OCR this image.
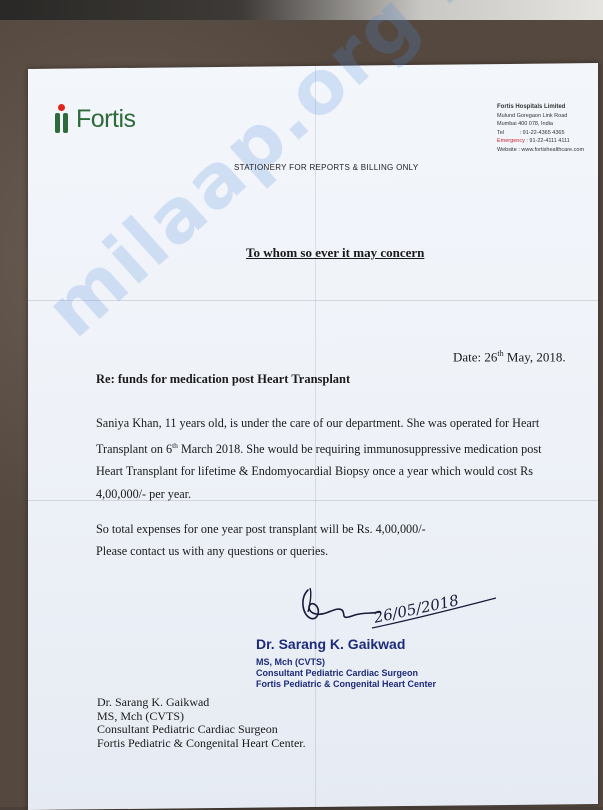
milaap.org
Fortis	Fortis Hospitals Limited
Mulund Goregaon Link Road
Mumbai 400 078, India
Tel	: 91-22-4365 4365
Emergency : 91-22-4111 4111
Website : www.fortishealthcare.com
STATIONERY FOR REPORTS & BILLING ONLY
To whom so ever it may concern
Date: 26th May, 2018.
Re: funds for medication post Heart Transplant
Saniya Khan, 11 years old, is under the care of our department. She was operated for Heart
Transplant on 6th March 2018. She would be requiring immunosuppressive medication post
Heart Transplant for lifetime & Endomyocardial Biopsy once a year which would cost Rs
4,00,000/- per year.
So total expenses for one year post transplant will be Rs. 4,00,000/-
Please contact us with any questions or queries.
26/05/2018
Dr. Sarang K. Gaikwad
MS, Mch (CVTS)
Consultant Pediatric Cardiac Surgeon
Fortis Pediatric & Congenital Heart Center
Dr. Sarang K. Gaikwad
MS, Mch (CVTS)
Consultant Pediatric Cardiac Surgeon
Fortis Pediatric & Congenital Heart Center.
